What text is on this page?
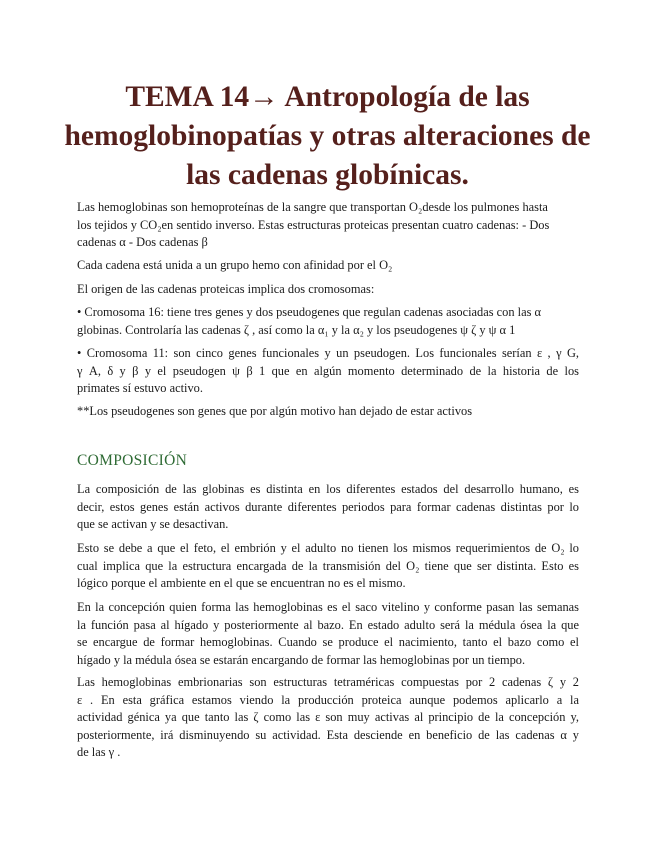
TEMA 14→ Antropología de las
hemoglobinopatías y otras alteraciones de
las cadenas globínicas.
Las hemoglobinas son hemoproteínas de la sangre que transportan O₂desde los pulmones hasta
los tejidos y CO₂en sentido inverso. Estas estructuras proteicas presentan cuatro cadenas: - Dos
cadenas α - Dos cadenas β
Cada cadena está unida a un grupo hemo con afinidad por el O₂
El origen de las cadenas proteicas implica dos cromosomas:
• Cromosoma 16: tiene tres genes y dos pseudogenes que regulan cadenas asociadas con las α
globinas. Controlaría las cadenas ζ , así como la α₁ y la α₂ y los pseudogenes ψ ζ y ψ α 1
• Cromosoma 11: son cinco genes funcionales y un pseudogen. Los funcionales serían ε , γ G,
γ A, δ y β y el pseudogen ψ β 1 que en algún momento determinado de la historia de los
primates sí estuvo activo.
**Los pseudogenes son genes que por algún motivo han dejado de estar activos
COMPOSICIÓN
La composición de las globinas es distinta en los diferentes estados del desarrollo humano, es
decir, estos genes están activos durante diferentes periodos para formar cadenas distintas por lo
que se activan y se desactivan.
Esto se debe a que el feto, el embrión y el adulto no tienen los mismos requerimientos de O₂ lo
cual implica que la estructura encargada de la transmisión del O₂ tiene que ser distinta. Esto es
lógico porque el ambiente en el que se encuentran no es el mismo.
En la concepción quien forma las hemoglobinas es el saco vitelino y conforme pasan las semanas
la función pasa al hígado y posteriormente al bazo. En estado adulto será la médula ósea la que
se encargue de formar hemoglobinas. Cuando se produce el nacimiento, tanto el bazo como el
hígado y la médula ósea se estarán encargando de formar las hemoglobinas por un tiempo.
Las hemoglobinas embrionarias son estructuras tetraméricas compuestas por 2 cadenas ζ y 2
ε . En esta gráfica estamos viendo la producción proteica aunque podemos aplicarlo a la
actividad génica ya que tanto las ζ como las ε son muy activas al principio de la concepción y,
posteriormente, irá disminuyendo su actividad. Esta desciende en beneficio de las cadenas α y
de las γ .
